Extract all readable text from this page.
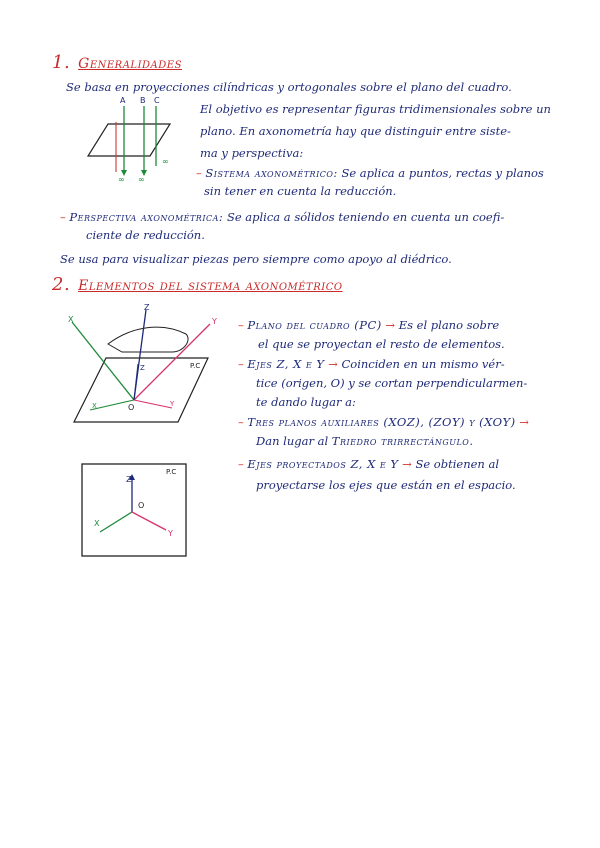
1. Generalidades
Se basa en proyecciones cilíndricas y ortogonales sobre el plano del cuadro.
El objetivo es representar figuras tridimensionales sobre un
plano. En axonometría hay que distinguir entre siste-
ma y perspectiva:
– Sistema axonométrico: Se aplica a puntos, rectas y planos
sin tener en cuenta la reducción.
– Perspectiva axonométrica: Se aplica a sólidos teniendo en cuenta un coefi-
ciente de reducción.
Se usa para visualizar piezas pero siempre como apoyo al diédrico.
A B C
∞ ∞
∞
2. Elementos del sistema axonométrico
Z
X	Y
O
P.C
Z
X	Y
P.C
Z
X
Y
O
– Plano del cuadro (PC) → Es el plano sobre
el que se proyectan el resto de elementos.
– Ejes Z, X e Y → Coinciden en un mismo vér-
tice (origen, O) y se cortan perpendicularmen-
te dando lugar a:
– Tres planos auxiliares (XOZ), (ZOY) y (XOY) →
Dan lugar al Triedro trirrectángulo.
– Ejes proyectados Z, X e Y → Se obtienen al
proyectarse los ejes que están en el espacio.
